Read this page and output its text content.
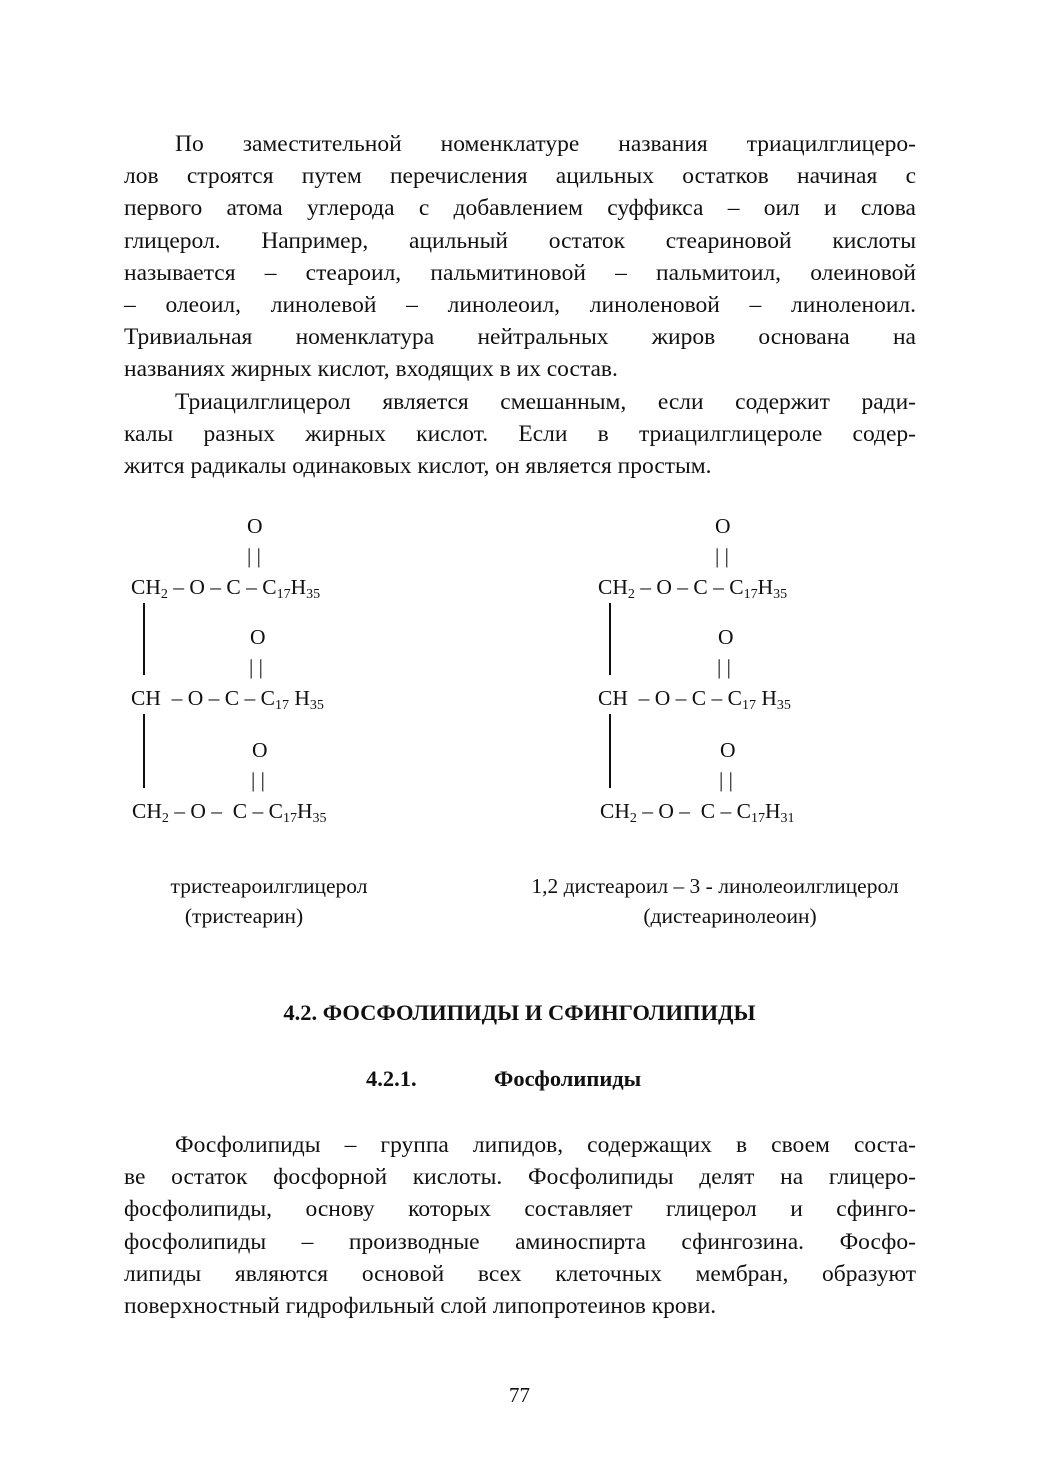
По заместительной номенклатуре названия триацилглицеро-
лов строятся путем перечисления ацильных остатков начиная с
первого атома углерода с добавлением суффикса – оил и слова
глицерол. Например, ацильный остаток стеариновой кислоты
называется – стеароил, пальмитиновой – пальмитоил, олеиновой
– олеоил, линолевой – линолеоил, линоленовой – линоленоил.
Тривиальная номенклатура нейтральных жиров основана на
названиях жирных кислот, входящих в их состав.
Триацилглицерол является смешанным, если содержит ради-
калы разных жирных кислот. Если в триацилглицероле содер-
жится радикалы одинаковых кислот, он является простым.
O
| |
$CH_2$ – O – C – $C_{17}H_{35}$
O
| |
CH  – O – C – $C_{17}$ $H_{35}$
O
| |
$CH_2$ – O –  C – $C_{17}H_{35}$
O
| |
$CH_2$ – O – C – $C_{17}H_{35}$
O
| |
CH  – O – C – $C_{17}$ $H_{35}$
O
| |
$CH_2$ – O –  C – $C_{17}H_{31}$
тристеароилглицерол
(тристеарин)
1,2 дистеароил – 3 - линолеоилглицерол
(дистеаринолеоин)
4.2. ФОСФОЛИПИДЫ И СФИНГОЛИПИДЫ
4.2.1.	Фосфолипиды
Фосфолипиды – группа липидов, содержащих в своем соста-
ве остаток фосфорной кислоты. Фосфолипиды делят на глицеро-
фосфолипиды, основу которых составляет глицерол и сфинго-
фосфолипиды – производные аминоспирта сфингозина. Фосфо-
липиды являются основой всех клеточных мембран, образуют
поверхностный гидрофильный слой липопротеинов крови.
77
